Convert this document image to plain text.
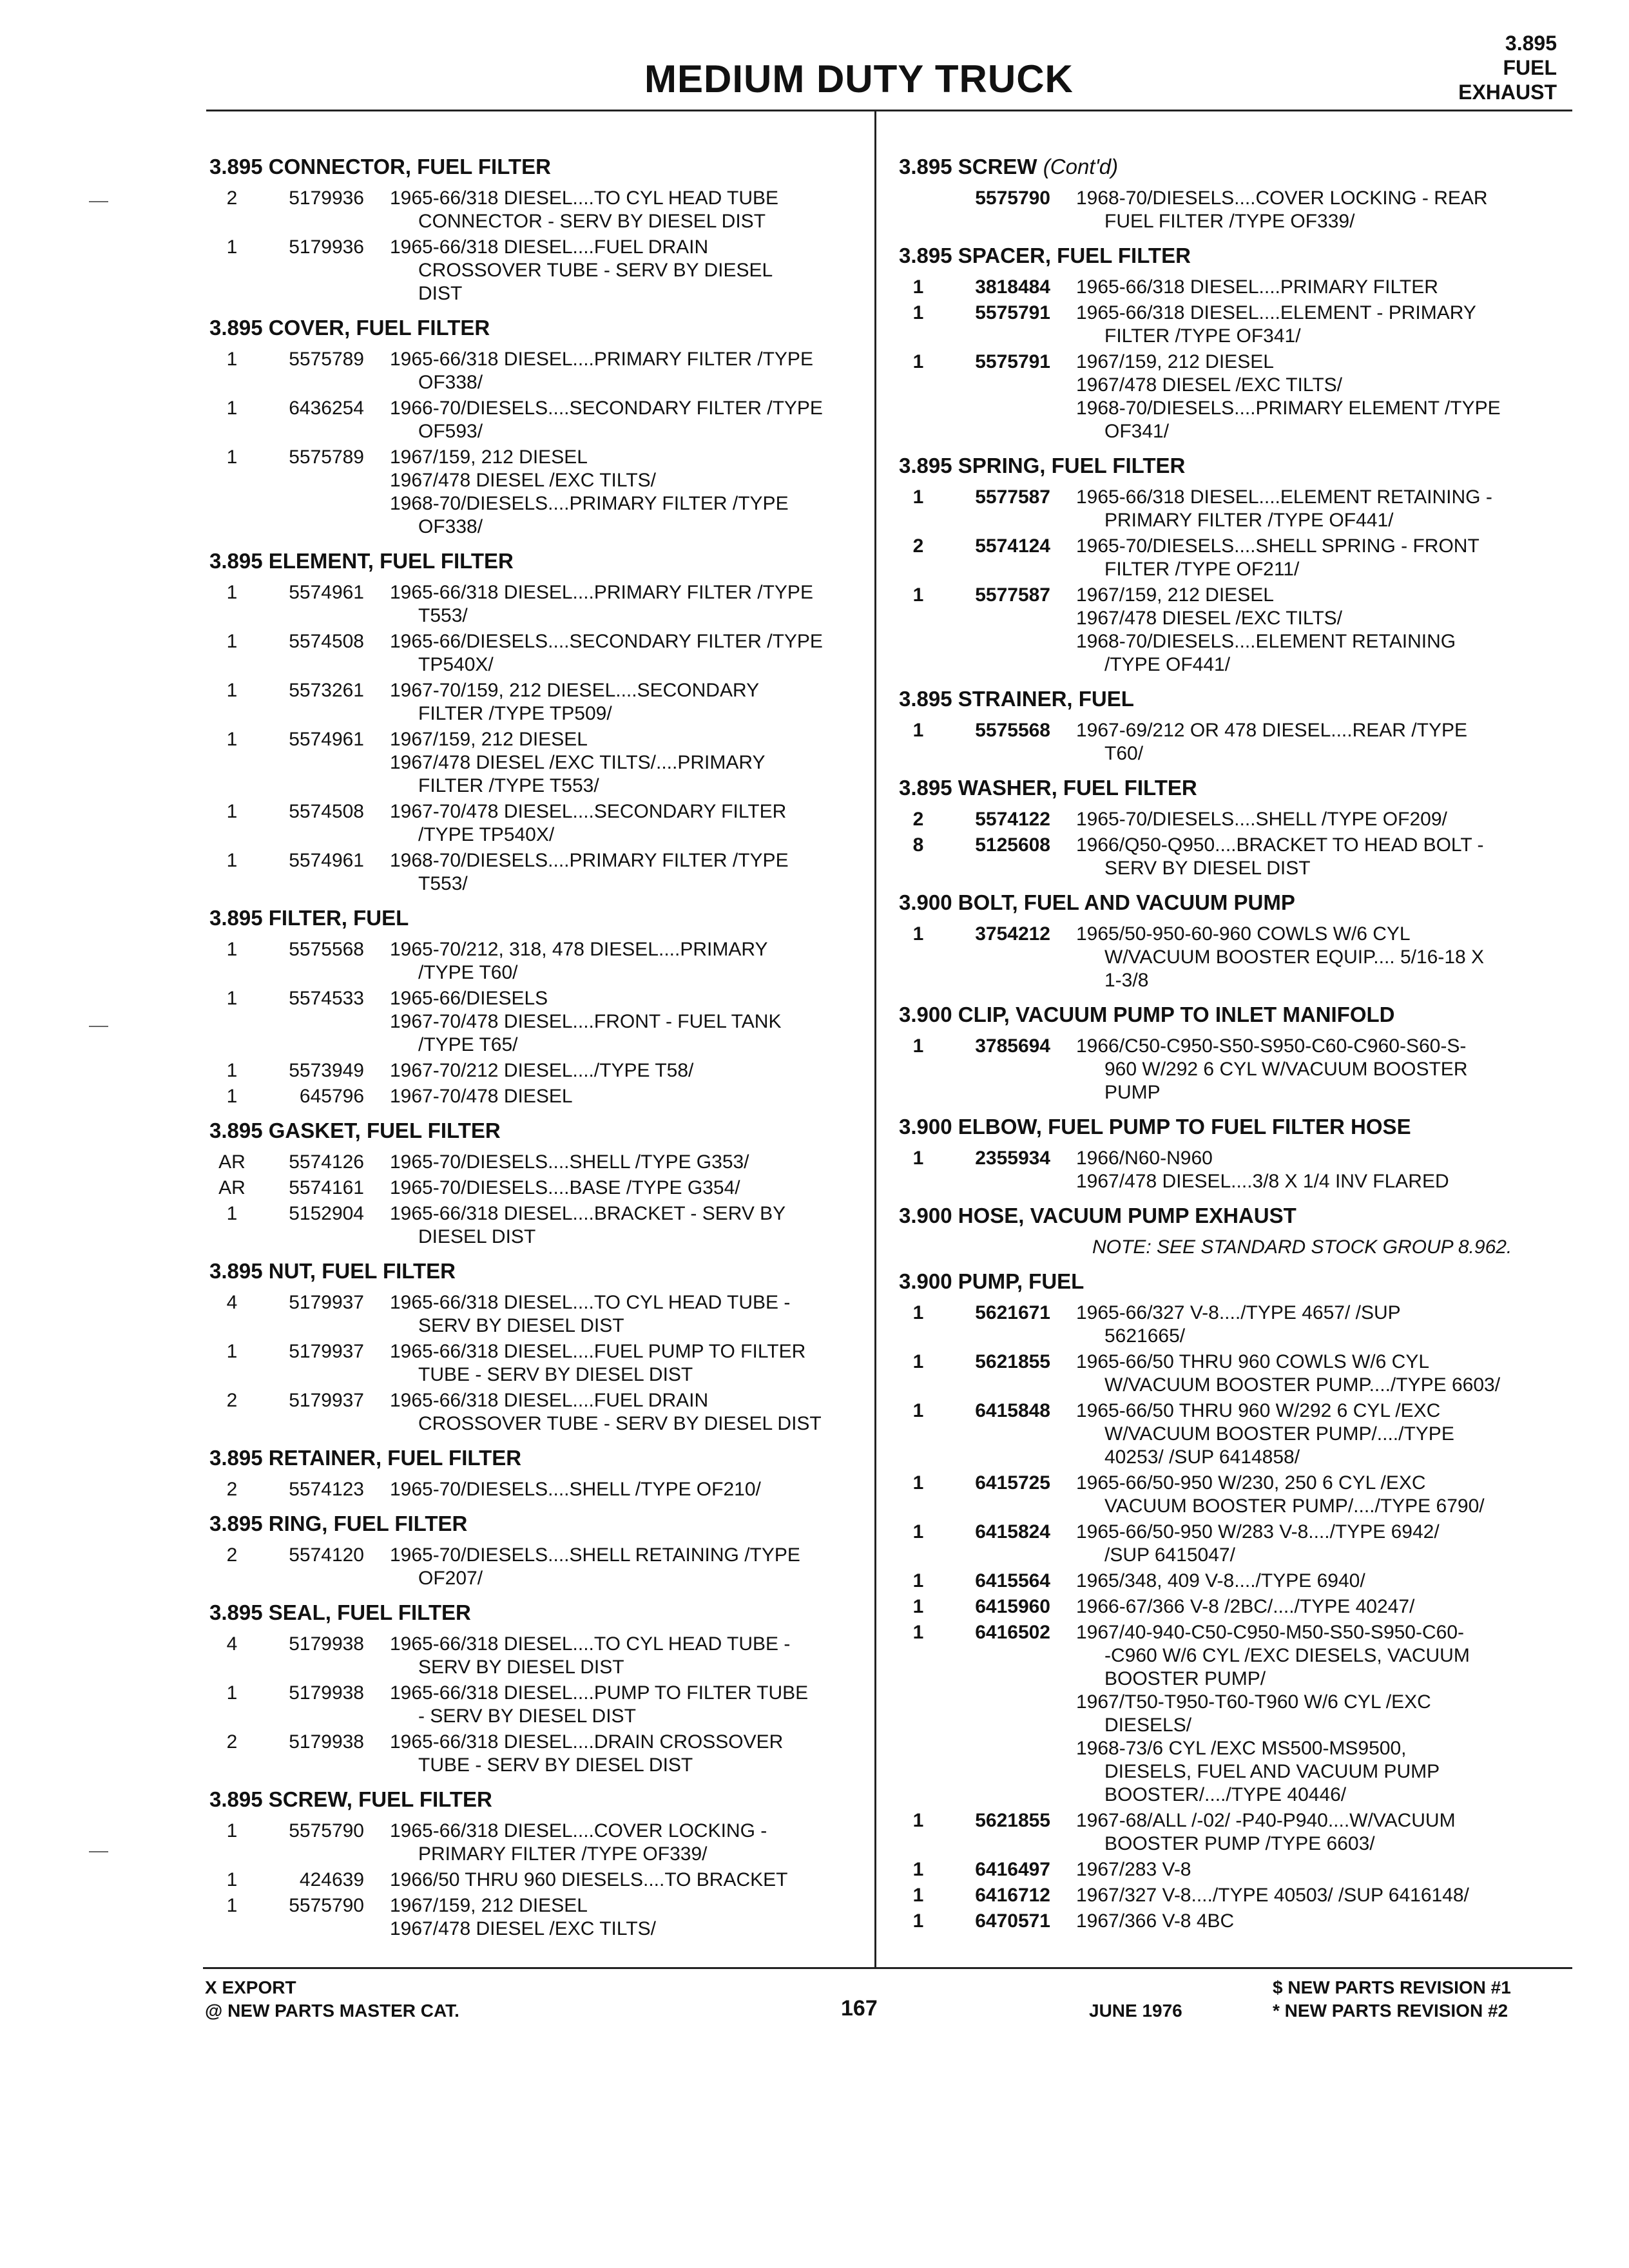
MEDIUM DUTY TRUCK
3.895
FUEL
EXHAUST
3.895 CONNECTOR, FUEL FILTER
2	5179936 1965-66/318 DIESEL....TO CYL HEAD TUBE
CONNECTOR - SERV BY DIESEL DIST
1	5179936 1965-66/318 DIESEL....FUEL DRAIN
CROSSOVER TUBE - SERV BY DIESEL
DIST
3.895 COVER, FUEL FILTER
1	5575789 1965-66/318 DIESEL....PRIMARY FILTER /TYPE
OF338/
1	6436254 1966-70/DIESELS....SECONDARY FILTER /TYPE
OF593/
1	5575789 1967/159, 212 DIESEL
1967/478 DIESEL /EXC TILTS/
1968-70/DIESELS....PRIMARY FILTER /TYPE
OF338/
3.895 ELEMENT, FUEL FILTER
1	5574961 1965-66/318 DIESEL....PRIMARY FILTER /TYPE
T553/
1	5574508 1965-66/DIESELS....SECONDARY FILTER /TYPE
TP540X/
1	5573261 1967-70/159, 212 DIESEL....SECONDARY
FILTER /TYPE TP509/
1	5574961 1967/159, 212 DIESEL
1967/478 DIESEL /EXC TILTS/....PRIMARY
FILTER /TYPE T553/
1	5574508 1967-70/478 DIESEL....SECONDARY FILTER
/TYPE TP540X/
1	5574961 1968-70/DIESELS....PRIMARY FILTER /TYPE
T553/
3.895 FILTER, FUEL
1	5575568 1965-70/212, 318, 478 DIESEL....PRIMARY
/TYPE T60/
1	5574533 1965-66/DIESELS
1967-70/478 DIESEL....FRONT - FUEL TANK
/TYPE T65/
1	5573949 1967-70/212 DIESEL..../TYPE T58/
1	645796 1967-70/478 DIESEL
3.895 GASKET, FUEL FILTER
AR	5574126 1965-70/DIESELS....SHELL /TYPE G353/
AR	5574161 1965-70/DIESELS....BASE /TYPE G354/
1	5152904 1965-66/318 DIESEL....BRACKET - SERV BY
DIESEL DIST
3.895 NUT, FUEL FILTER
4	5179937 1965-66/318 DIESEL....TO CYL HEAD TUBE -
SERV BY DIESEL DIST
1	5179937 1965-66/318 DIESEL....FUEL PUMP TO FILTER
TUBE - SERV BY DIESEL DIST
2	5179937 1965-66/318 DIESEL....FUEL DRAIN
CROSSOVER TUBE - SERV BY DIESEL DIST
3.895 RETAINER, FUEL FILTER
2	5574123 1965-70/DIESELS....SHELL /TYPE OF210/
3.895 RING, FUEL FILTER
2	5574120 1965-70/DIESELS....SHELL RETAINING /TYPE
OF207/
3.895 SEAL, FUEL FILTER
4	5179938 1965-66/318 DIESEL....TO CYL HEAD TUBE -
SERV BY DIESEL DIST
1	5179938 1965-66/318 DIESEL....PUMP TO FILTER TUBE
- SERV BY DIESEL DIST
2	5179938 1965-66/318 DIESEL....DRAIN CROSSOVER
TUBE - SERV BY DIESEL DIST
3.895 SCREW, FUEL FILTER
1	5575790 1965-66/318 DIESEL....COVER LOCKING -
PRIMARY FILTER /TYPE OF339/
1	424639 1966/50 THRU 960 DIESELS....TO BRACKET
1	5575790 1967/159, 212 DIESEL
1967/478 DIESEL /EXC TILTS/
3.895 SCREW (Cont'd)
5575790 1968-70/DIESELS....COVER LOCKING - REAR
FUEL FILTER /TYPE OF339/
3.895 SPACER, FUEL FILTER
1	3818484 1965-66/318 DIESEL....PRIMARY FILTER
1	5575791 1965-66/318 DIESEL....ELEMENT - PRIMARY
FILTER /TYPE OF341/
1	5575791 1967/159, 212 DIESEL
1967/478 DIESEL /EXC TILTS/
1968-70/DIESELS....PRIMARY ELEMENT /TYPE
OF341/
3.895 SPRING, FUEL FILTER
1	5577587 1965-66/318 DIESEL....ELEMENT RETAINING -
PRIMARY FILTER /TYPE OF441/
2	5574124 1965-70/DIESELS....SHELL SPRING - FRONT
FILTER /TYPE OF211/
1	5577587 1967/159, 212 DIESEL
1967/478 DIESEL /EXC TILTS/
1968-70/DIESELS....ELEMENT RETAINING
/TYPE OF441/
3.895 STRAINER, FUEL
1	5575568 1967-69/212 OR 478 DIESEL....REAR /TYPE
T60/
3.895 WASHER, FUEL FILTER
2	5574122 1965-70/DIESELS....SHELL /TYPE OF209/
8	5125608 1966/Q50-Q950....BRACKET TO HEAD BOLT -
SERV BY DIESEL DIST
3.900 BOLT, FUEL AND VACUUM PUMP
1	3754212 1965/50-950-60-960 COWLS W/6 CYL
W/VACUUM BOOSTER EQUIP.... 5/16-18 X
1-3/8
3.900 CLIP, VACUUM PUMP TO INLET MANIFOLD
1	3785694 1966/C50-C950-S50-S950-C60-C960-S60-S-
960 W/292 6 CYL W/VACUUM BOOSTER
PUMP
3.900 ELBOW, FUEL PUMP TO FUEL FILTER HOSE
1	2355934 1966/N60-N960
1967/478 DIESEL....3/8 X 1/4 INV FLARED
3.900 HOSE, VACUUM PUMP EXHAUST
NOTE: SEE STANDARD STOCK GROUP 8.962.
3.900 PUMP, FUEL
1	5621671 1965-66/327 V-8..../TYPE 4657/ /SUP
5621665/
1	5621855 1965-66/50 THRU 960 COWLS W/6 CYL
W/VACUUM BOOSTER PUMP..../TYPE 6603/
1	6415848 1965-66/50 THRU 960 W/292 6 CYL /EXC
W/VACUUM BOOSTER PUMP/..../TYPE
40253/ /SUP 6414858/
1	6415725 1965-66/50-950 W/230, 250 6 CYL /EXC
VACUUM BOOSTER PUMP/..../TYPE 6790/
1	6415824 1965-66/50-950 W/283 V-8..../TYPE 6942/
/SUP 6415047/
1	6415564 1965/348, 409 V-8..../TYPE 6940/
1	6415960 1966-67/366 V-8 /2BC/..../TYPE 40247/
1	6416502 1967/40-940-C50-C950-M50-S50-S950-C60-
-C960 W/6 CYL /EXC DIESELS, VACUUM
BOOSTER PUMP/
1967/T50-T950-T60-T960 W/6 CYL /EXC
DIESELS/
1968-73/6 CYL /EXC MS500-MS9500,
DIESELS, FUEL AND VACUUM PUMP
BOOSTER/..../TYPE 40446/
1	5621855 1967-68/ALL /-02/ -P40-P940....W/VACUUM
BOOSTER PUMP /TYPE 6603/
1	6416497 1967/283 V-8
1	6416712 1967/327 V-8..../TYPE 40503/ /SUP 6416148/
1	6470571 1967/366 V-8 4BC
X EXPORT
@ NEW PARTS MASTER CAT.	167	JUNE 1976
$ NEW PARTS REVISION #1
* NEW PARTS REVISION #2
